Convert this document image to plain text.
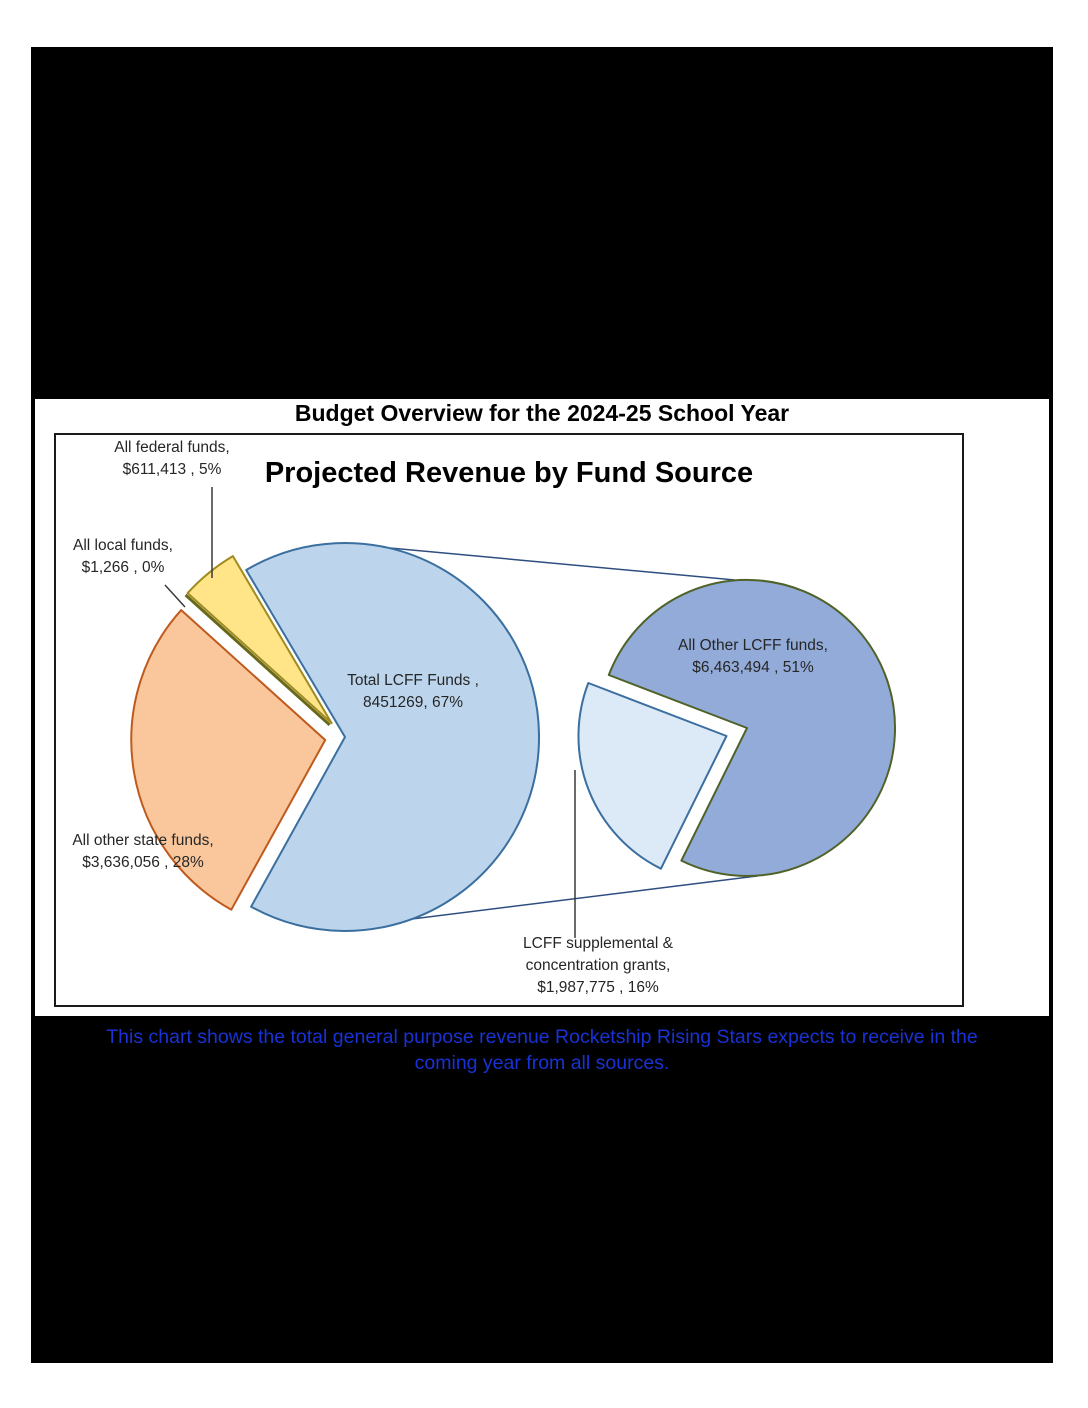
Budget Overview for the 2024-25 School Year
Projected Revenue by Fund Source
All federal funds,
$611,413 , 5%
All local funds,
$1,266 , 0%
Total LCFF Funds ,
8451269, 67%
All other state funds,
$3,636,056 , 28%
All Other LCFF funds,
$6,463,494 , 51%
LCFF supplemental &
concentration grants,
$1,987,775 , 16%
This chart shows the total general purpose revenue Rocketship Rising Stars expects to receive in the
coming year from all sources.
